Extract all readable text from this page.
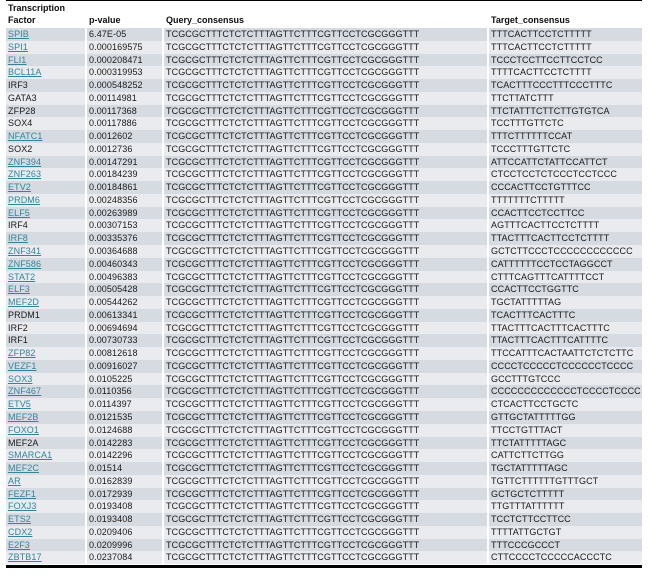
Transcription Factor	p-value	Query_consensus	Target_consensus
SPIB	6.47E-05	TCGCGCTTTCTCTCTTTAGTTCTTTCGTTCCTCGCGGGTTT	TTTCACTTCCTCTTTTT
SPI1	0.000169575	TCGCGCTTTCTCTCTTTAGTTCTTTCGTTCCTCGCGGGTTT	TTTCACTTCCTCTTTTT
FLI1	0.000208471	TCGCGCTTTCTCTCTTTAGTTCTTTCGTTCCTCGCGGGTTT	TCCCTCCTTCCTTCCTCC
BCL11A	0.000319953	TCGCGCTTTCTCTCTTTAGTTCTTTCGTTCCTCGCGGGTTT	TTTTCACTTCCTCTTTT
IRF3	0.000548252	TCGCGCTTTCTCTCTTTAGTTCTTTCGTTCCTCGCGGGTTT	TCACTTTCCCTTTCCCTTTC
GATA3	0.00114981	TCGCGCTTTCTCTCTTTAGTTCTTTCGTTCCTCGCGGGTTT	TTCTTATCTTT
ZFP28	0.00117368	TCGCGCTTTCTCTCTTTAGTTCTTTCGTTCCTCGCGGGTTT	TTCTATTTCTTCTTGTGTCA
SOX4	0.00117886	TCGCGCTTTCTCTCTTTAGTTCTTTCGTTCCTCGCGGGTTT	TCCTTTGTTCTC
NFATC1	0.0012602	TCGCGCTTTCTCTCTTTAGTTCTTTCGTTCCTCGCGGGTTT	TTTCTTTTTTCCAT
SOX2	0.0012736	TCGCGCTTTCTCTCTTTAGTTCTTTCGTTCCTCGCGGGTTT	TCCCTTTGTTCTC
ZNF394	0.00147291	TCGCGCTTTCTCTCTTTAGTTCTTTCGTTCCTCGCGGGTTT	ATTCCATTCTATTCCATTCT
ZNF263	0.00184239	TCGCGCTTTCTCTCTTTAGTTCTTTCGTTCCTCGCGGGTTT	CTCCTCCTCTCCCTCCTCCC
ETV2	0.00184861	TCGCGCTTTCTCTCTTTAGTTCTTTCGTTCCTCGCGGGTTT	CCCACTTCCTGTTTCC
PRDM6	0.00248356	TCGCGCTTTCTCTCTTTAGTTCTTTCGTTCCTCGCGGGTTT	TTTTTTTCTTTTT
ELF5	0.00263989	TCGCGCTTTCTCTCTTTAGTTCTTTCGTTCCTCGCGGGTTT	CCACTTCCTCCTTCC
IRF4	0.00307153	TCGCGCTTTCTCTCTTTAGTTCTTTCGTTCCTCGCGGGTTT	AGTTTCACTTCCTCTTTT
IRF8	0.00335376	TCGCGCTTTCTCTCTTTAGTTCTTTCGTTCCTCGCGGGTTT	TTACTTTCACTTCCTCTTTT
ZNF341	0.00364688	TCGCGCTTTCTCTCTTTAGTTCTTTCGTTCCTCGCGGGTTT	GCTCTTCCCTCCCCCCCCCCCC
ZNF586	0.00460343	TCGCGCTTTCTCTCTTTAGTTCTTTCGTTCCTCGCGGGTTT	CATTTTTTCCTCCTAGGCCT
STAT2	0.00496383	TCGCGCTTTCTCTCTTTAGTTCTTTCGTTCCTCGCGGGTTT	CTTTCAGTTTCATTTTCCT
ELF3	0.00505428	TCGCGCTTTCTCTCTTTAGTTCTTTCGTTCCTCGCGGGTTT	CCACTTCCTGGTTC
MEF2D	0.00544262	TCGCGCTTTCTCTCTTTAGTTCTTTCGTTCCTCGCGGGTTT	TGCTATTTTTAG
PRDM1	0.00613341	TCGCGCTTTCTCTCTTTAGTTCTTTCGTTCCTCGCGGGTTT	TCACTTTCACTTTC
IRF2	0.00694694	TCGCGCTTTCTCTCTTTAGTTCTTTCGTTCCTCGCGGGTTT	TTACTTTCACTTTCACTTTC
IRF1	0.00730733	TCGCGCTTTCTCTCTTTAGTTCTTTCGTTCCTCGCGGGTTT	TTACTTTCACTTTCATTTTC
ZFP82	0.00812618	TCGCGCTTTCTCTCTTTAGTTCTTTCGTTCCTCGCGGGTTT	TTCCATTTCACTAATTCTCTCTTC
VEZF1	0.00916027	TCGCGCTTTCTCTCTTTAGTTCTTTCGTTCCTCGCGGGTTT	CCCCTCCCCCTCCCCCCTCCCC
SOX3	0.0105225	TCGCGCTTTCTCTCTTTAGTTCTTTCGTTCCTCGCGGGTTT	GCCTTTGTCCC
ZNF467	0.0110356	TCGCGCTTTCTCTCTTTAGTTCTTTCGTTCCTCGCGGGTTT	CCCCCCCCCCCCCTCCCCTCCCC
ETV5	0.0114397	TCGCGCTTTCTCTCTTTAGTTCTTTCGTTCCTCGCGGGTTT	CTCACTTCCTGCTC
MEF2B	0.0121535	TCGCGCTTTCTCTCTTTAGTTCTTTCGTTCCTCGCGGGTTT	GTTGCTATTTTTGG
FOXO1	0.0124688	TCGCGCTTTCTCTCTTTAGTTCTTTCGTTCCTCGCGGGTTT	TTCCTGTTTACT
MEF2A	0.0142283	TCGCGCTTTCTCTCTTTAGTTCTTTCGTTCCTCGCGGGTTT	TTCTATTTTTAGC
SMARCA1	0.0142296	TCGCGCTTTCTCTCTTTAGTTCTTTCGTTCCTCGCGGGTTT	CATTCTTCTTGG
MEF2C	0.01514	TCGCGCTTTCTCTCTTTAGTTCTTTCGTTCCTCGCGGGTTT	TGCTATTTTTAGC
AR	0.0162839	TCGCGCTTTCTCTCTTTAGTTCTTTCGTTCCTCGCGGGTTT	TGTTCTTTTTTGTTTGCT
FEZF1	0.0172939	TCGCGCTTTCTCTCTTTAGTTCTTTCGTTCCTCGCGGGTTT	GCTGCTCTTTTT
FOXJ3	0.0193408	TCGCGCTTTCTCTCTTTAGTTCTTTCGTTCCTCGCGGGTTT	TTGTTTATTTTTT
ETS2	0.0193408	TCGCGCTTTCTCTCTTTAGTTCTTTCGTTCCTCGCGGGTTT	TCCTCTTCCTTCC
CDX2	0.0209406	TCGCGCTTTCTCTCTTTAGTTCTTTCGTTCCTCGCGGGTTT	TTTTATTGCTGT
E2F3	0.0209996	TCGCGCTTTCTCTCTTTAGTTCTTTCGTTCCTCGCGGGTTT	TTTCCCGCCCT
ZBTB17	0.0237084	TCGCGCTTTCTCTCTTTAGTTCTTTCGTTCCTCGCGGGTTT	CTTCCCCTCCCCCACCCTC
